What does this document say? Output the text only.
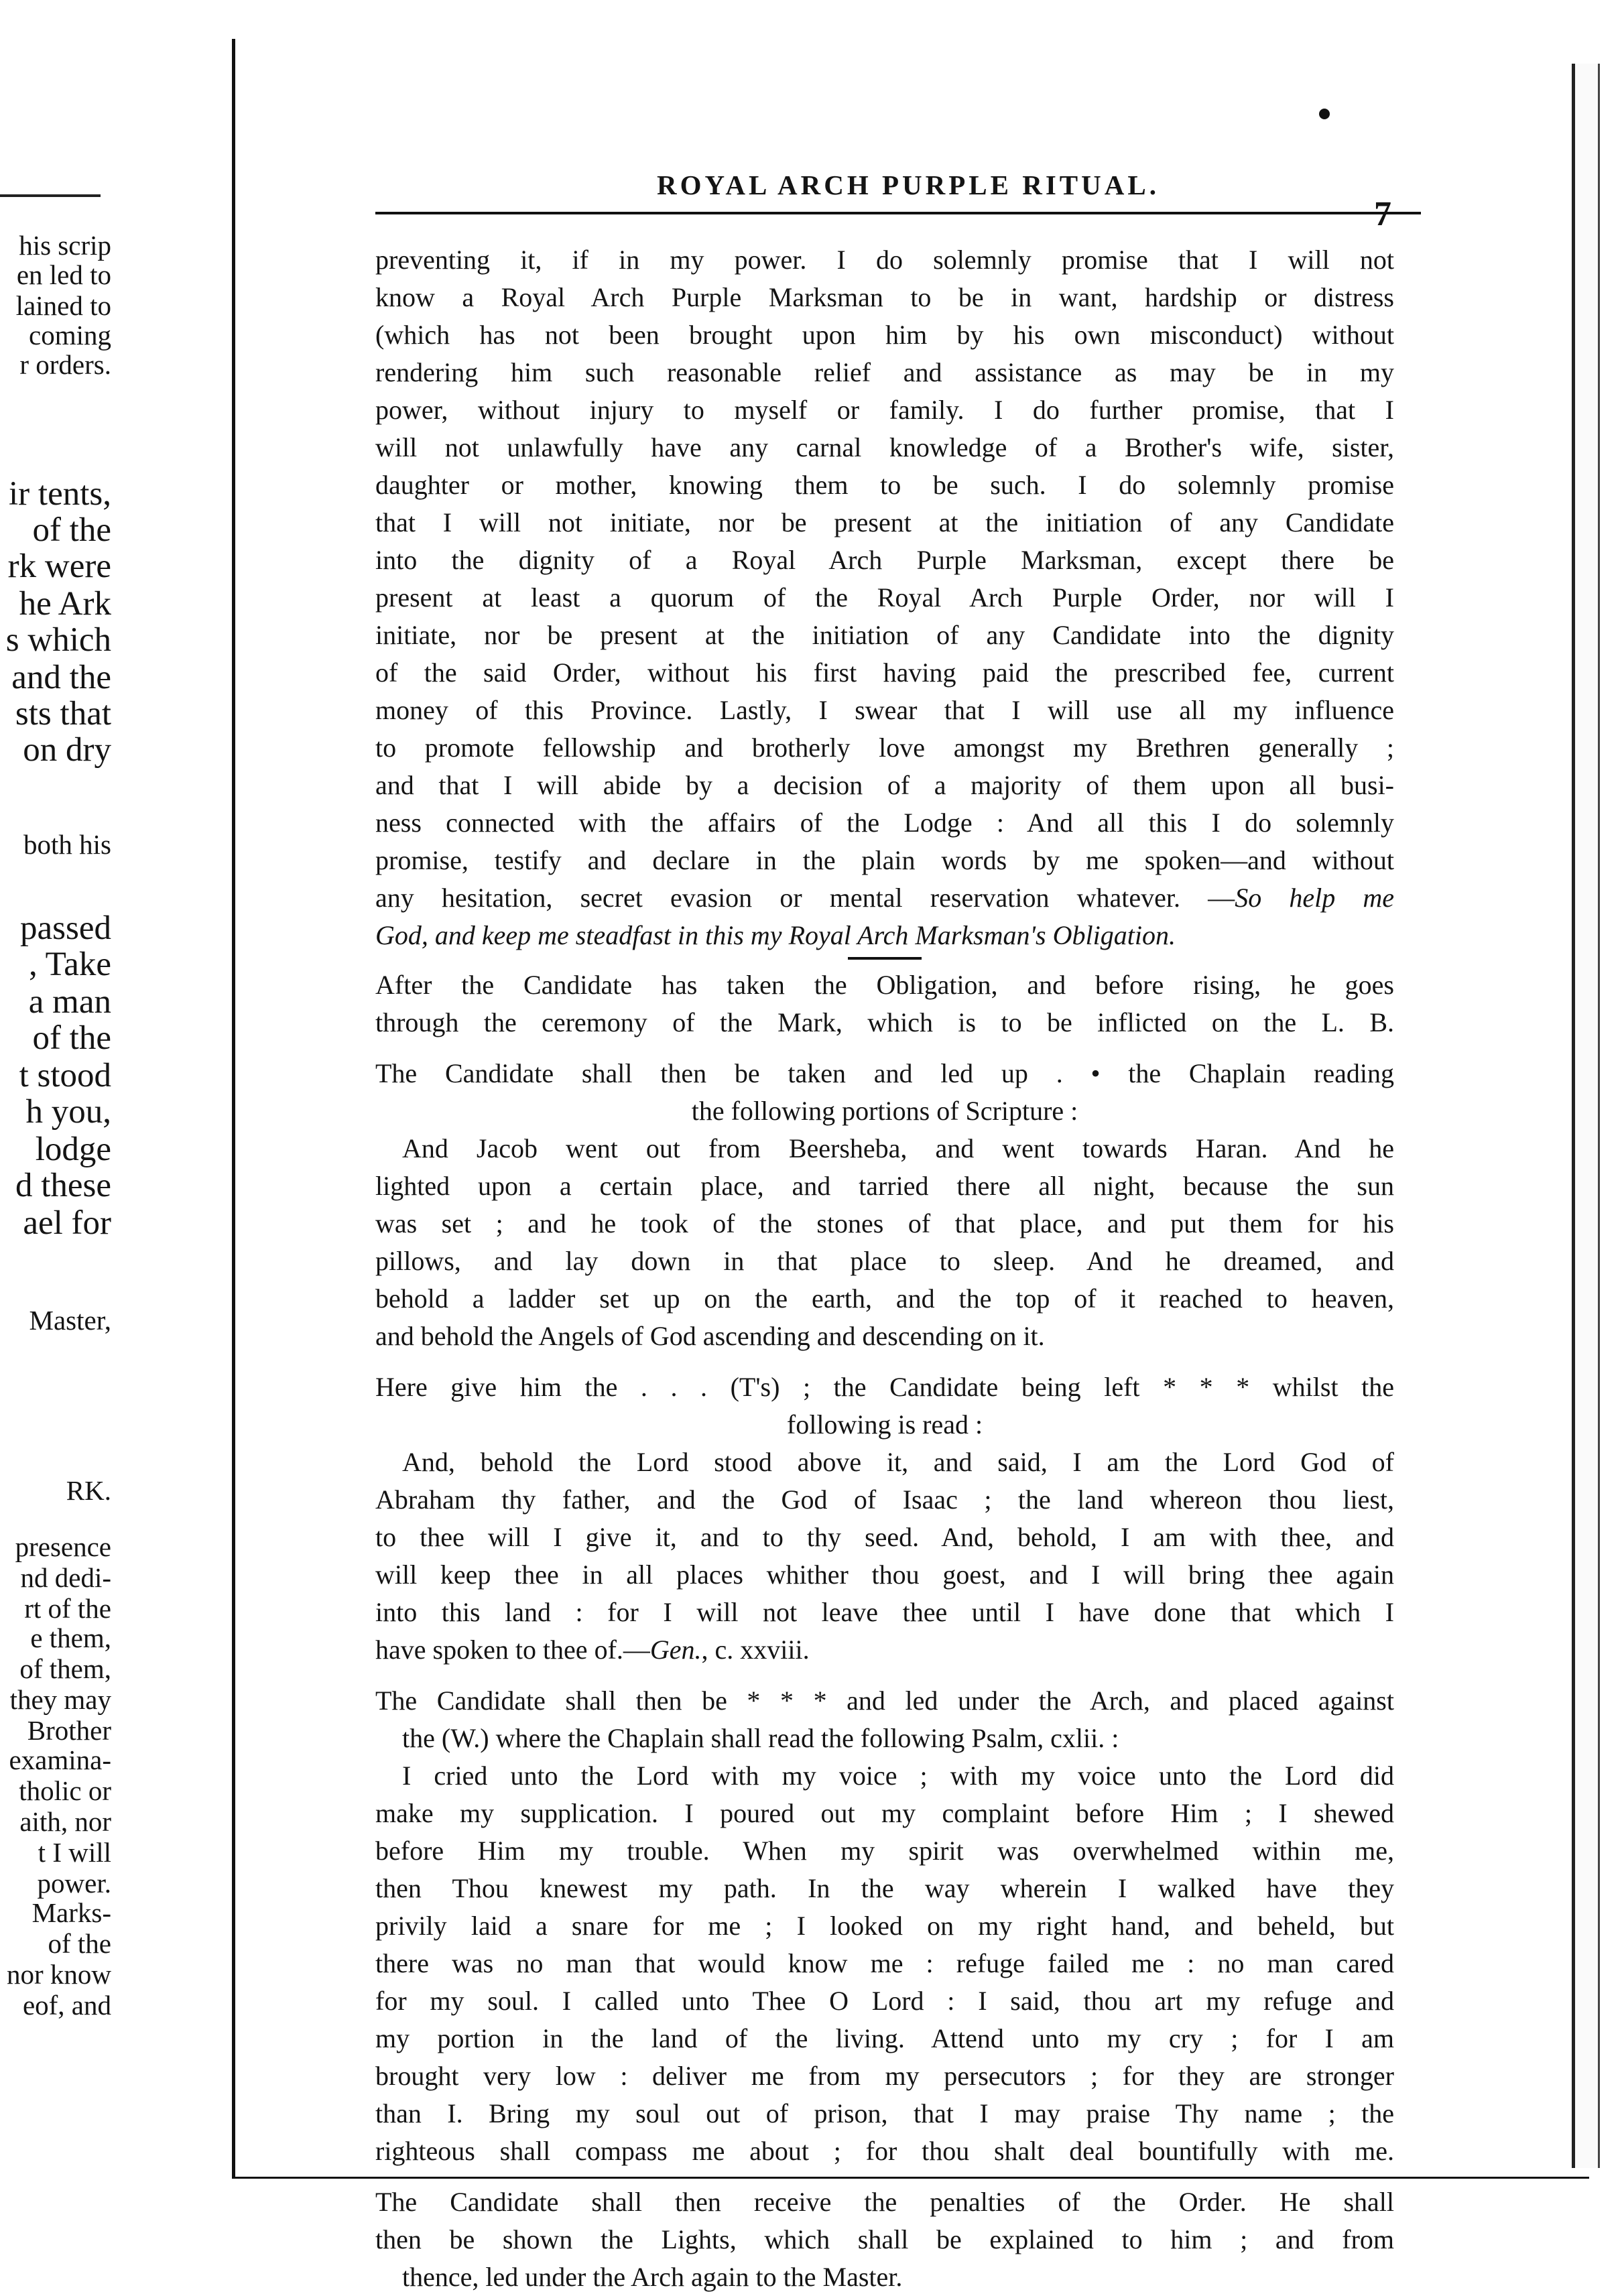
his scrip
en led to
lained to
coming
r orders.
ir tents,
of the
rk were
he Ark
s which
and the
sts that
on dry
both his
passed
, Take
a man
of the
t stood
h you,
lodge
d these
ael for
Master,
RK.
presence
nd dedi-
rt of the
e them,
of them,
they may
Brother
examina-
tholic or
aith, nor
t I will
power.
Marks-
of the
nor know
eof, and
ROYAL ARCH PURPLE RITUAL.
7
preventing it, if in my power. I do solemnly promise that I will not
know a Royal Arch Purple Marksman to be in want, hardship or distress
(which has not been brought upon him by his own misconduct) without
rendering him such reasonable relief and assistance as may be in my
power, without injury to myself or family. I do further promise, that I
will not unlawfully have any carnal knowledge of a Brother's wife, sister,
daughter or mother, knowing them to be such. I do solemnly promise
that I will not initiate, nor be present at the initiation of any Candidate
into the dignity of a Royal Arch Purple Marksman, except there be
present at least a quorum of the Royal Arch Purple Order, nor will I
initiate, nor be present at the initiation of any Candidate into the dignity
of the said Order, without his first having paid the prescribed fee, current
money of this Province. Lastly, I swear that I will use all my influence
to promote fellowship and brotherly love amongst my Brethren generally ;
and that I will abide by a decision of a majority of them upon all busi-
ness connected with the affairs of the Lodge : And all this I do solemnly
promise, testify and declare in the plain words by me spoken—and without
any hesitation, secret evasion or mental reservation whatever. —So help me
God, and keep me steadfast in this my Royal Arch Marksman's Obligation.
After the Candidate has taken the Obligation, and before rising, he goes
through the ceremony of the Mark, which is to be inflicted on the L. B.
The Candidate shall then be taken and led up . • the Chaplain reading
the following portions of Scripture :
And Jacob went out from Beersheba, and went towards Haran. And he
lighted upon a certain place, and tarried there all night, because the sun
was set ; and he took of the stones of that place, and put them for his
pillows, and lay down in that place to sleep. And he dreamed, and
behold a ladder set up on the earth, and the top of it reached to heaven,
and behold the Angels of God ascending and descending on it.
Here give him the . . . (T's) ; the Candidate being left * * * whilst the
following is read :
And, behold the Lord stood above it, and said, I am the Lord God of
Abraham thy father, and the God of Isaac ; the land whereon thou liest,
to thee will I give it, and to thy seed. And, behold, I am with thee, and
will keep thee in all places whither thou goest, and I will bring thee again
into this land : for I will not leave thee until I have done that which I
have spoken to thee of.—Gen., c. xxviii.
The Candidate shall then be * * * and led under the Arch, and placed against
the (W.) where the Chaplain shall read the following Psalm, cxlii. :
I cried unto the Lord with my voice ; with my voice unto the Lord did
make my supplication. I poured out my complaint before Him ; I shewed
before Him my trouble. When my spirit was overwhelmed within me,
then Thou knewest my path. In the way wherein I walked have they
privily laid a snare for me ; I looked on my right hand, and beheld, but
there was no man that would know me : refuge failed me : no man cared
for my soul. I called unto Thee O Lord : I said, thou art my refuge and
my portion in the land of the living. Attend unto my cry ; for I am
brought very low : deliver me from my persecutors ; for they are stronger
than I. Bring my soul out of prison, that I may praise Thy name ; the
righteous shall compass me about ; for thou shalt deal bountifully with me.
The Candidate shall then receive the penalties of the Order. He shall
then be shown the Lights, which shall be explained to him ; and from
thence, led under the Arch again to the Master.
